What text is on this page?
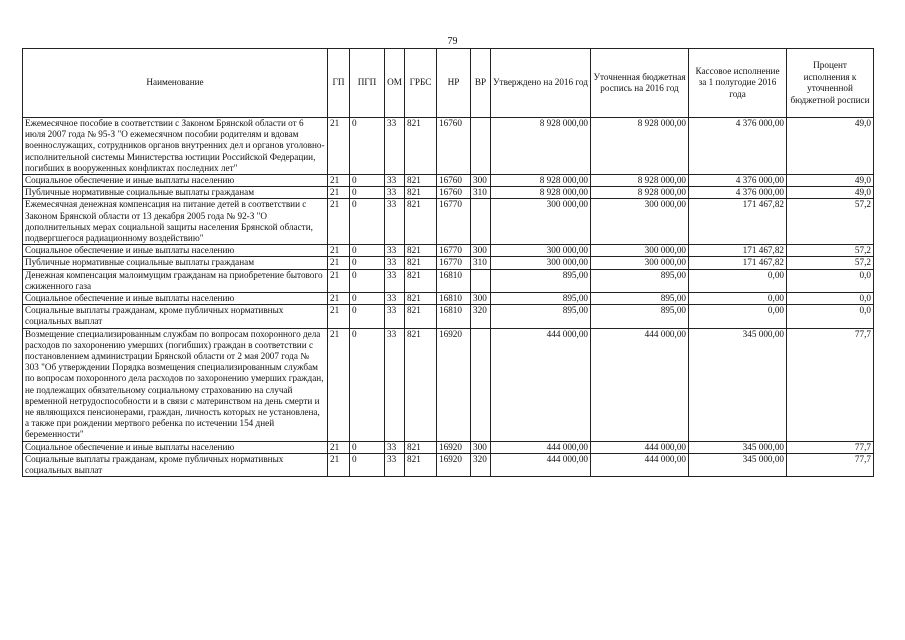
79
Наименование	ГП	ПГП	ОМ	ГРБС	НР	ВР	Утверждено на 2016 год	Уточненная бюджетная роспись на 2016 год	Кассовое исполнение за 1 полугодие 2016 года	Процент исполнения к уточненной бюджетной росписи
Ежемесячное пособие в соответствии с Законом Брянской области от 6 июля 2007 года № 95-З "О ежемесячном пособии родителям и вдовам военнослужащих, сотрудников органов внутренних дел и органов уголовно-исполнительной системы Министерства юстиции Российской Федерации, погибших в вооруженных конфликтах последних лет"	21	0	33	821	16760		8 928 000,00	8 928 000,00	4 376 000,00	49,0
Социальное обеспечение и иные выплаты населению	21	0	33	821	16760	300	8 928 000,00	8 928 000,00	4 376 000,00	49,0
Публичные нормативные социальные выплаты гражданам	21	0	33	821	16760	310	8 928 000,00	8 928 000,00	4 376 000,00	49,0
Ежемесячная денежная компенсация на питание детей в соответствии с Законом Брянской области от 13 декабря 2005 года № 92-З "О дополнительных мерах социальной защиты населения Брянской области, подвергшегося радиационному воздействию"	21	0	33	821	16770		300 000,00	300 000,00	171 467,82	57,2
Социальное обеспечение и иные выплаты населению	21	0	33	821	16770	300	300 000,00	300 000,00	171 467,82	57,2
Публичные нормативные социальные выплаты гражданам	21	0	33	821	16770	310	300 000,00	300 000,00	171 467,82	57,2
Денежная компенсация малоимущим гражданам на приобретение бытового сжиженного газа	21	0	33	821	16810		895,00	895,00	0,00	0,0
Социальное обеспечение и иные выплаты населению	21	0	33	821	16810	300	895,00	895,00	0,00	0,0
Социальные выплаты гражданам, кроме публичных нормативных социальных выплат	21	0	33	821	16810	320	895,00	895,00	0,00	0,0
Возмещение специализированным службам по вопросам похоронного дела расходов по захоронению умерших (погибших) граждан в соответствии с постановлением администрации Брянской области от 2 мая 2007 года № 303 "Об утверждении Порядка возмещения специализированным службам по вопросам похоронного дела расходов по захоронению умерших граждан, не подлежащих обязательному социальному страхованию на случай временной нетрудоспособности и в связи с материнством на день смерти и не являющихся пенсионерами, граждан, личность которых не установлена, а также при рождении мертвого ребенка по истечении 154 дней беременности"	21	0	33	821	16920		444 000,00	444 000,00	345 000,00	77,7
Социальное обеспечение и иные выплаты населению	21	0	33	821	16920	300	444 000,00	444 000,00	345 000,00	77,7
Социальные выплаты гражданам, кроме публичных нормативных социальных выплат	21	0	33	821	16920	320	444 000,00	444 000,00	345 000,00	77,7
